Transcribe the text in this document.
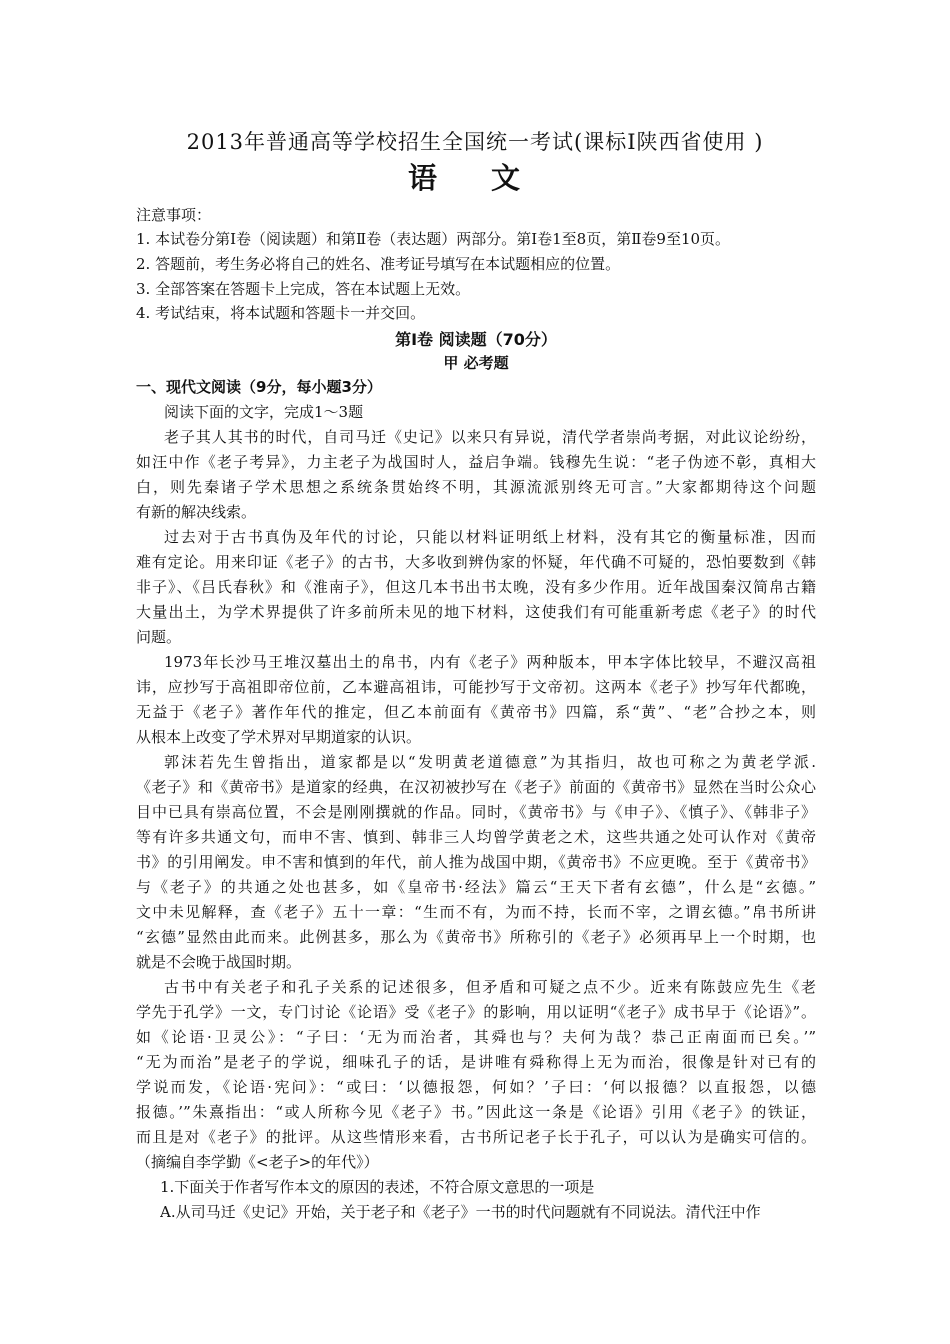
2013年普通高等学校招生全国统一考试(课标Ⅰ陕西省使用 )
语 文
注意事项：
1. 本试卷分第Ⅰ卷（阅读题）和第Ⅱ卷（表达题）两部分。第Ⅰ卷1至8页，第Ⅱ卷9至10页。
2. 答题前，考生务必将自己的姓名、准考证号填写在本试题相应的位置。
3. 全部答案在答题卡上完成，答在本试题上无效。
4. 考试结束，将本试题和答题卡一并交回。
第Ⅰ卷 阅读题（70分）
甲 必考题
一、现代文阅读（9分，每小题3分）
阅读下面的文字，完成1～3题
老子其人其书的时代，自司马迁《史记》以来只有异说，清代学者崇尚考据，对此议论纷纷，
如汪中作《老子考异》，力主老子为战国时人，益启争端。钱穆先生说：“老子伪迹不彰，真相大
白，则先秦诸子学术思想之系统条贯始终不明，其源流派别终无可言。”大家都期待这个问题
有新的解决线索。
过去对于古书真伪及年代的讨论，只能以材料证明纸上材料，没有其它的衡量标准，因而
难有定论。用来印证《老子》的古书，大多收到辨伪家的怀疑，年代确不可疑的，恐怕要数到《韩
非子》、《吕氏春秋》和《淮南子》，但这几本书出书太晚，没有多少作用。近年战国秦汉简帛古籍
大量出土，为学术界提供了许多前所未见的地下材料，这使我们有可能重新考虑《老子》的时代
问题。
1973年长沙马王堆汉墓出土的帛书，内有《老子》两种版本，甲本字体比较早，不避汉高祖
讳，应抄写于高祖即帝位前，乙本避高祖讳，可能抄写于文帝初。这两本《老子》抄写年代都晚，
无益于《老子》著作年代的推定，但乙本前面有《黄帝书》四篇，系“黄”、“老”合抄之本，则
从根本上改变了学术界对早期道家的认识。
郭沫若先生曾指出，道家都是以“发明黄老道德意”为其指归，故也可称之为黄老学派.
《老子》和《黄帝书》是道家的经典，在汉初被抄写在《老子》前面的《黄帝书》显然在当时公众心
目中已具有崇高位置，不会是刚刚撰就的作品。同时，《黄帝书》与《申子》、《慎子》、《韩非子》
等有许多共通文句，而申不害、慎到、韩非三人均曾学黄老之术，这些共通之处可认作对《黄帝
书》的引用阐发。申不害和慎到的年代，前人推为战国中期，《黄帝书》不应更晚。至于《黄帝书》
与《老子》的共通之处也甚多，如《皇帝书·经法》篇云“王天下者有玄德”，什么是“玄德。”
文中未见解释，查《老子》五十一章：“生而不有，为而不持，长而不宰，之谓玄德。”帛书所讲
“玄德”显然由此而来。此例甚多，那么为《黄帝书》所称引的《老子》必须再早上一个时期，也
就是不会晚于战国时期。
古书中有关老子和孔子关系的记述很多，但矛盾和可疑之点不少。近来有陈鼓应先生《老
学先于孔学》一文，专门讨论《论语》受《老子》的影响，用以证明“《老子》成书早于《论语》”。
如《论语·卫灵公》：“子曰：‘无为而治者，其舜也与？夫何为哉？恭己正南面而已矣。’”
“无为而治”是老子的学说，细味孔子的话，是讲唯有舜称得上无为而治，很像是针对已有的
学说而发，《论语·宪问》：“或曰：‘以德报怨，何如？’子曰：‘何以报德？以直报怨，以德
报德。’”朱熹指出：“或人所称今见《老子》书。”因此这一条是《论语》引用《老子》的铁证，
而且是对《老子》的批评。从这些情形来看，古书所记老子长于孔子，可以认为是确实可信的。
（摘编自李学勤《<老子>的年代》）
1.下面关于作者写作本文的原因的表述，不符合原文意思的一项是
A.从司马迁《史记》开始，关于老子和《老子》一书的时代问题就有不同说法。清代汪中作
